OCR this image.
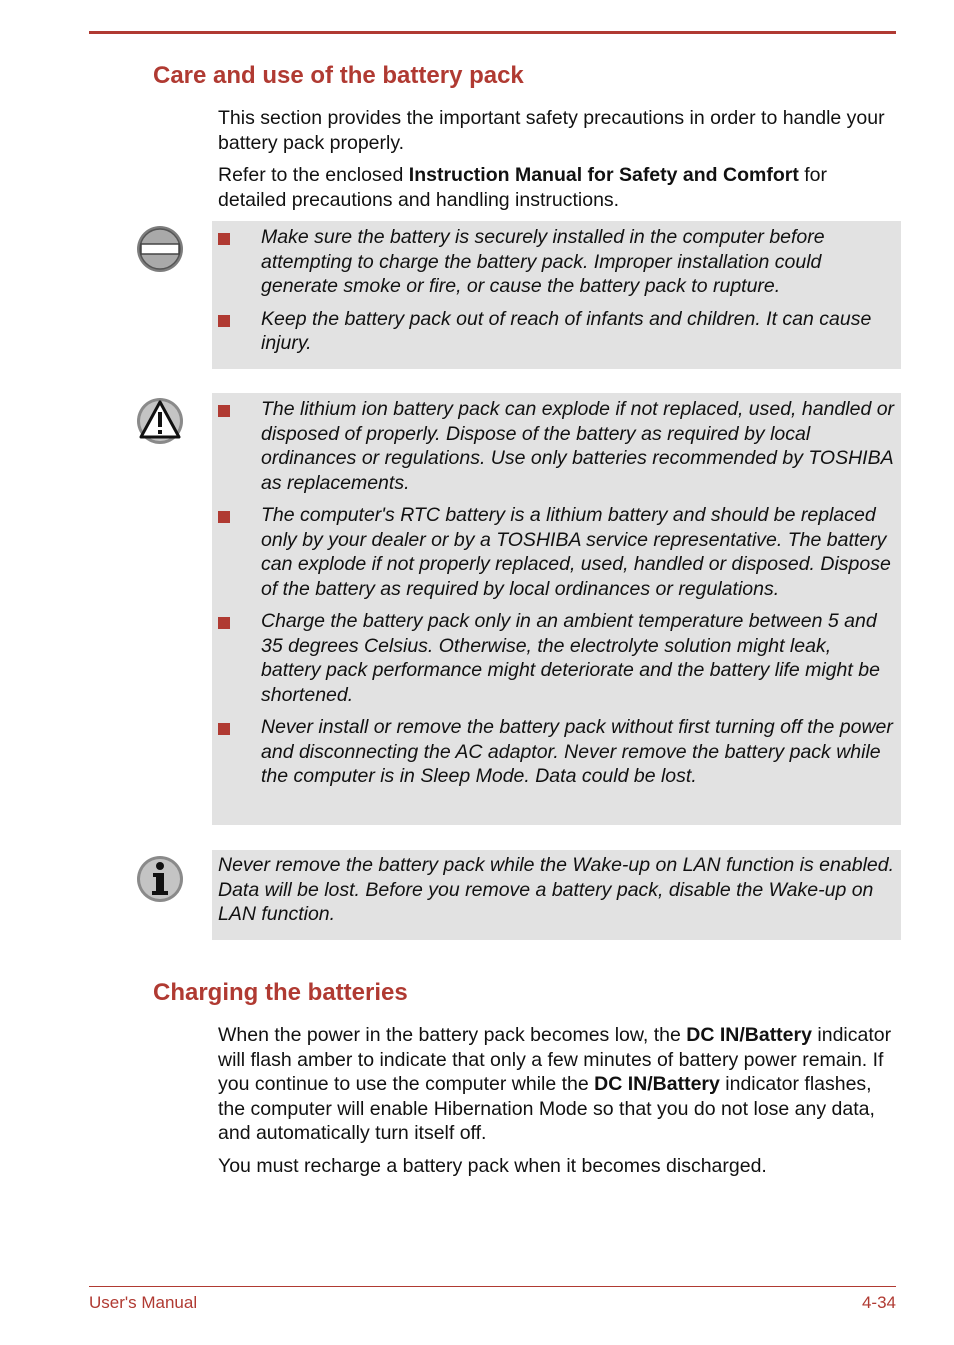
Care and use of the battery pack

This section provides the important safety precautions in order to handle your battery pack properly.

Refer to the enclosed Instruction Manual for Safety and Comfort for detailed precautions and handling instructions.

Make sure the battery is securely installed in the computer before attempting to charge the battery pack. Improper installation could generate smoke or fire, or cause the battery pack to rupture.
Keep the battery pack out of reach of infants and children. It can cause injury.
The lithium ion battery pack can explode if not replaced, used, handled or disposed of properly. Dispose of the battery as required by local ordinances or regulations. Use only batteries recommended by TOSHIBA as replacements.
The computer's RTC battery is a lithium battery and should be replaced only by your dealer or by a TOSHIBA service representative. The battery can explode if not properly replaced, used, handled or disposed. Dispose of the battery as required by local ordinances or regulations.
Charge the battery pack only in an ambient temperature between 5 and 35 degrees Celsius. Otherwise, the electrolyte solution might leak, battery pack performance might deteriorate and the battery life might be shortened.
Never install or remove the battery pack without first turning off the power and disconnecting the AC adaptor. Never remove the battery pack while the computer is in Sleep Mode. Data could be lost.

Never remove the battery pack while the Wake-up on LAN function is enabled. Data will be lost. Before you remove a battery pack, disable the Wake-up on LAN function.

Charging the batteries

When the power in the battery pack becomes low, the DC IN/Battery indicator will flash amber to indicate that only a few minutes of battery power remain. If you continue to use the computer while the DC IN/Battery indicator flashes, the computer will enable Hibernation Mode so that you do not lose any data, and automatically turn itself off.

You must recharge a battery pack when it becomes discharged.

User's Manual	4-34
